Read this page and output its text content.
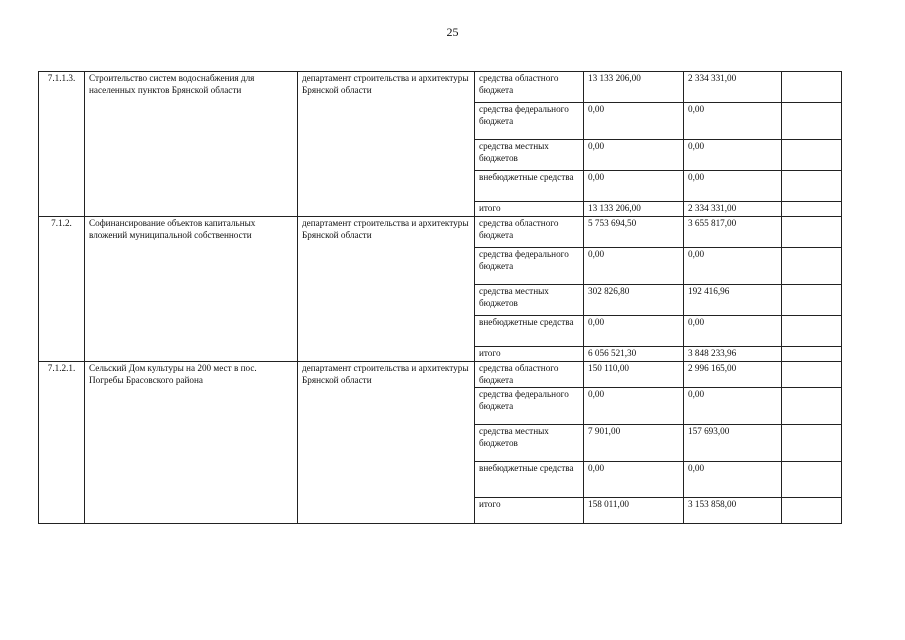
25
7.1.1.3.	Строительство систем водоснабжения для населенных пунктов Брянской области	департамент строительства и архитектуры Брянской области	средства областного бюджета	13 133 206,00	2 334 331,00	
			средства федерального бюджета	0,00	0,00	
			средства местных бюджетов	0,00	0,00	
			внебюджетные средства	0,00	0,00	
			итого	13 133 206,00	2 334 331,00	
7.1.2.	Софинансирование объектов капитальных вложений муниципальной собственности	департамент строительства и архитектуры Брянской области	средства областного бюджета	5 753 694,50	3 655 817,00	
			средства федерального бюджета	0,00	0,00	
			средства местных бюджетов	302 826,80	192 416,96	
			внебюджетные средства	0,00	0,00	
			итого	6 056 521,30	3 848 233,96	
7.1.2.1.	Сельский Дом культуры на 200 мест в пос. Погребы Брасовского района	департамент строительства и архитектуры Брянской области	средства областного бюджета	150 110,00	2 996 165,00	
			средства федерального бюджета	0,00	0,00	
			средства местных бюджетов	7 901,00	157 693,00	
			внебюджетные средства	0,00	0,00	
			итого	158 011,00	3 153 858,00	
